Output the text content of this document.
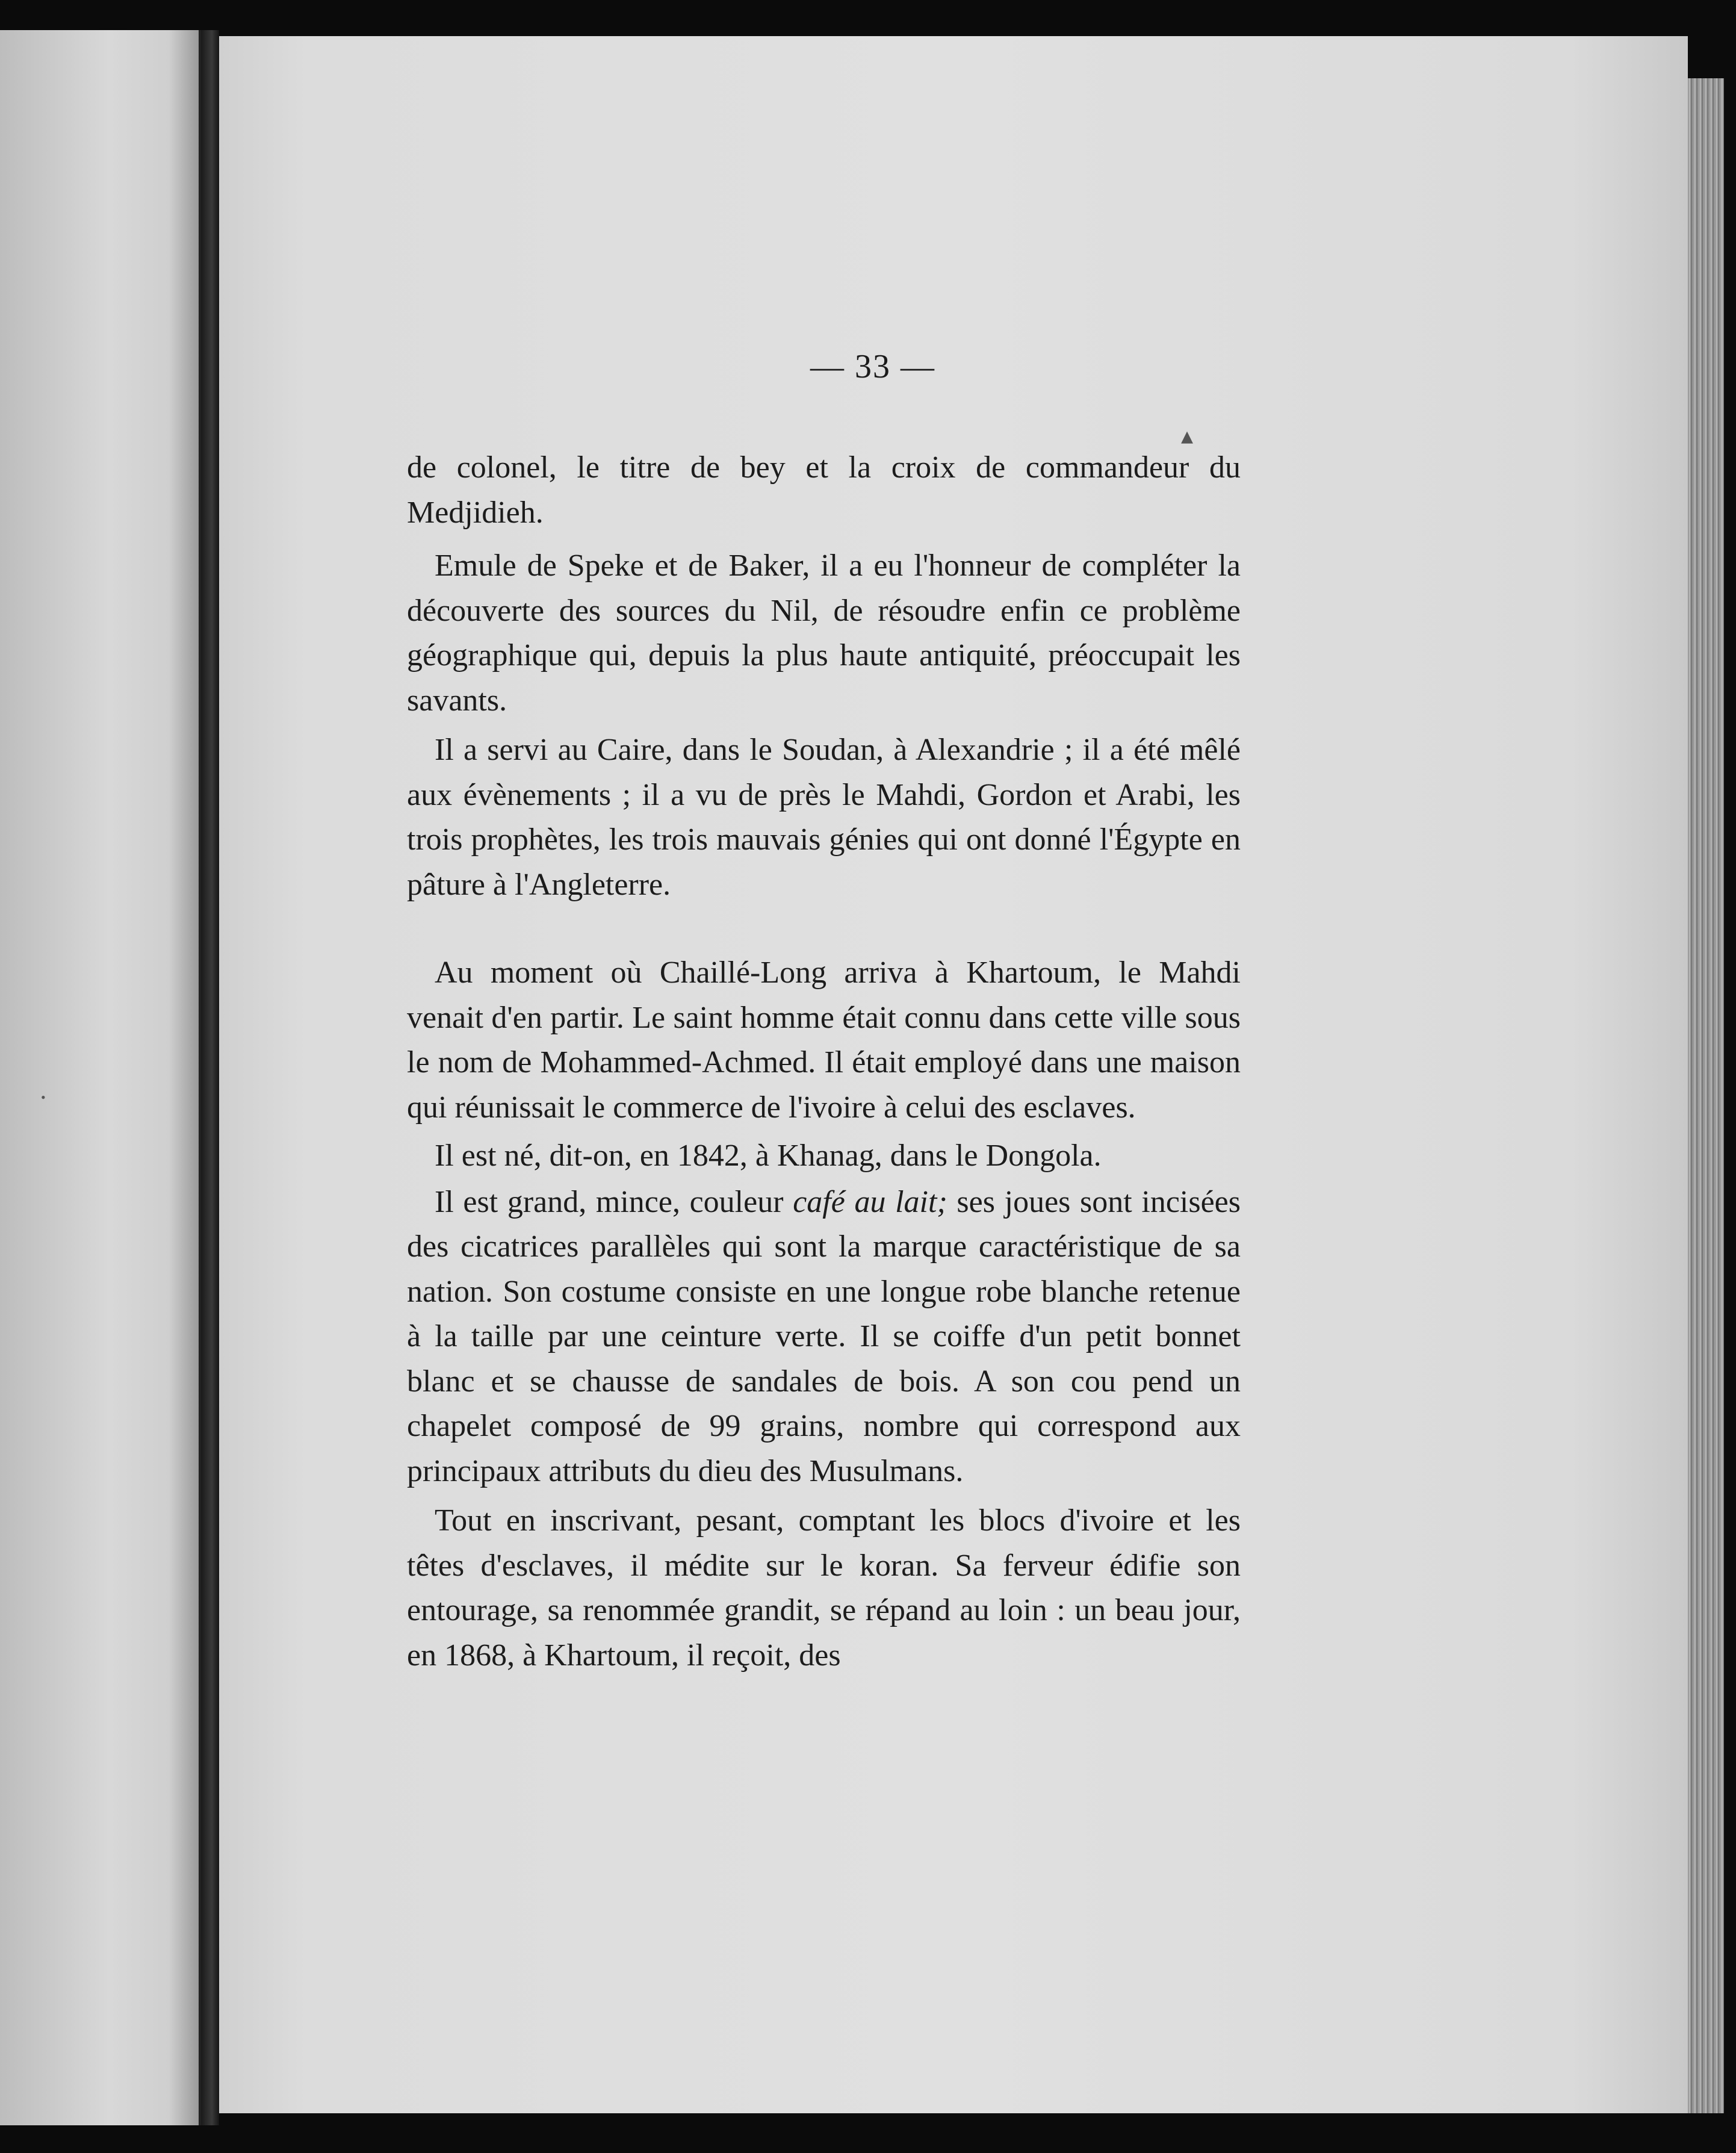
— 33 —

de colonel, le titre de bey et la croix de commandeur du Medjidieh.

Emule de Speke et de Baker, il a eu l'honneur de compléter la découverte des sources du Nil, de résoudre enfin ce problème géographique qui, depuis la plus haute antiquité, préoccupait les savants.

Il a servi au Caire, dans le Soudan, à Alexandrie ; il a été mêlé aux évènements ; il a vu de près le Mahdi, Gordon et Arabi, les trois prophètes, les trois mauvais génies qui ont donné l'Égypte en pâture à l'Angleterre.

Au moment où Chaillé-Long arriva à Khartoum, le Mahdi venait d'en partir. Le saint homme était connu dans cette ville sous le nom de Mohammed-Achmed. Il était employé dans une maison qui réunissait le commerce de l'ivoire à celui des esclaves.

Il est né, dit-on, en 1842, à Khanag, dans le Dongola.

Il est grand, mince, couleur café au lait; ses joues sont incisées des cicatrices parallèles qui sont la marque caractéristique de sa nation. Son costume consiste en une longue robe blanche retenue à la taille par une ceinture verte. Il se coiffe d'un petit bonnet blanc et se chausse de sandales de bois. A son cou pend un chapelet composé de 99 grains, nombre qui correspond aux principaux attributs du dieu des Musulmans.

Tout en inscrivant, pesant, comptant les blocs d'ivoire et les têtes d'esclaves, il médite sur le koran. Sa ferveur édifie son entourage, sa renommée grandit, se répand au loin : un beau jour, en 1868, à Khartoum, il reçoit, des

▴
•
